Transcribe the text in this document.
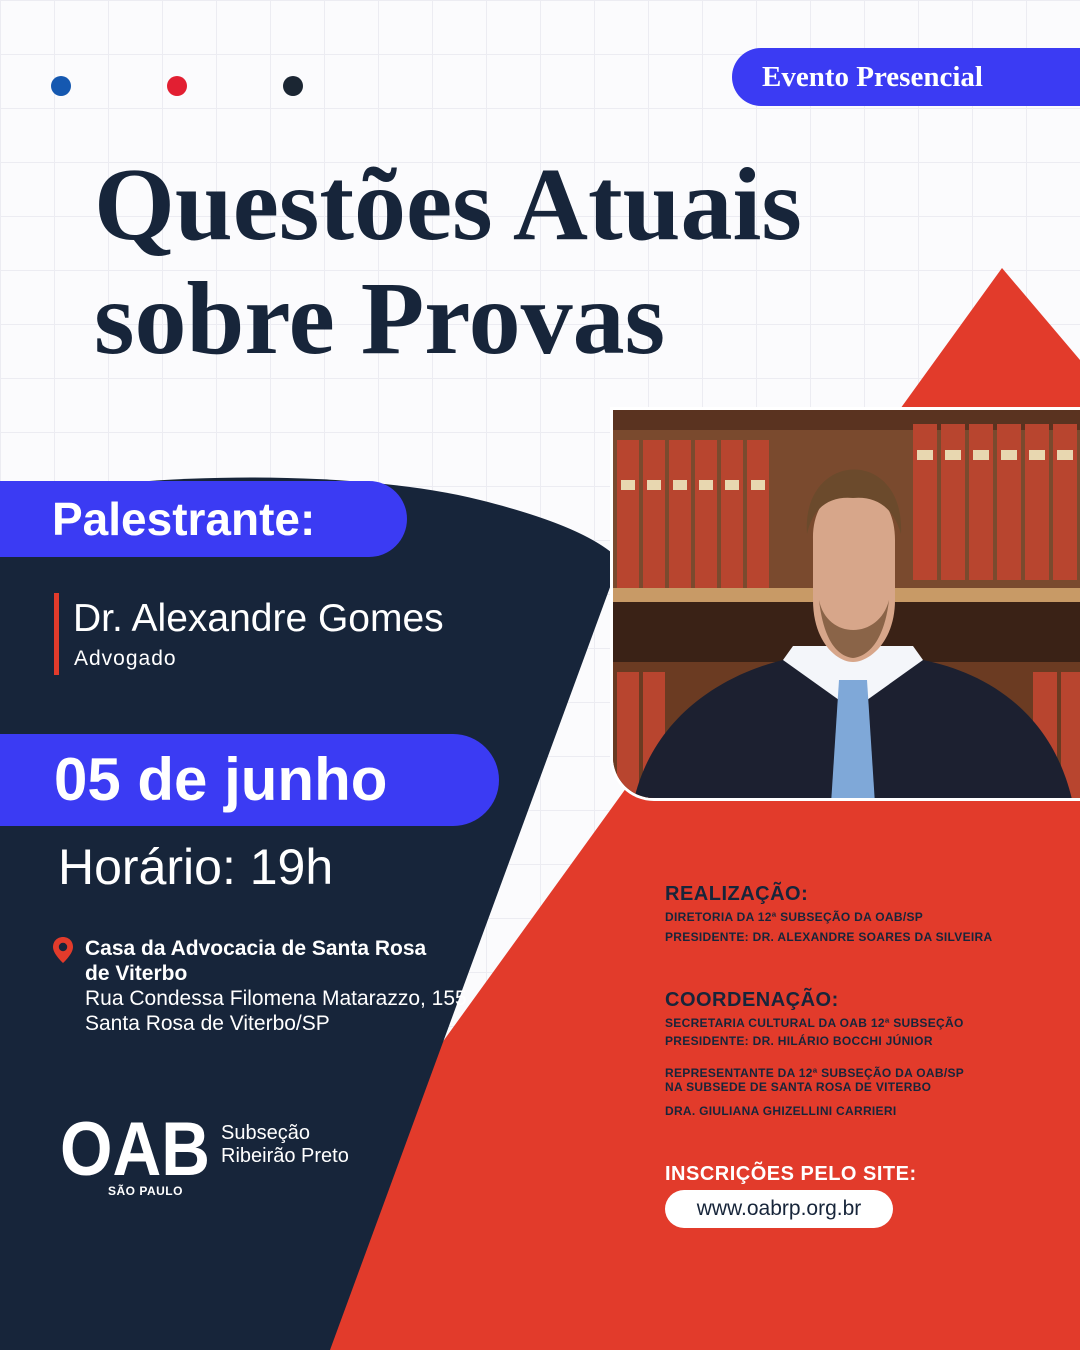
Evento Presencial
Questões Atuais
sobre Provas
Palestrante:
Dr. Alexandre Gomes
Advogado
05 de junho
Horário: 19h
Casa da Advocacia de Santa Rosa
de Viterbo
Rua Condessa Filomena Matarazzo, 155
Santa Rosa de Viterbo/SP
OAB
SÃO PAULO
Subseção
Ribeirão Preto
REALIZAÇÃO:
DIRETORIA DA 12ª SUBSEÇÃO DA OAB/SP
PRESIDENTE: DR. ALEXANDRE SOARES DA SILVEIRA
COORDENAÇÃO:
SECRETARIA CULTURAL DA OAB 12ª SUBSEÇÃO
PRESIDENTE: DR. HILÁRIO BOCCHI JÚNIOR
REPRESENTANTE DA 12ª SUBSEÇÃO DA OAB/SP
NA SUBSEDE DE SANTA ROSA DE VITERBO
DRA. GIULIANA GHIZELLINI CARRIERI
INSCRIÇÕES PELO SITE:
www.oabrp.org.br
